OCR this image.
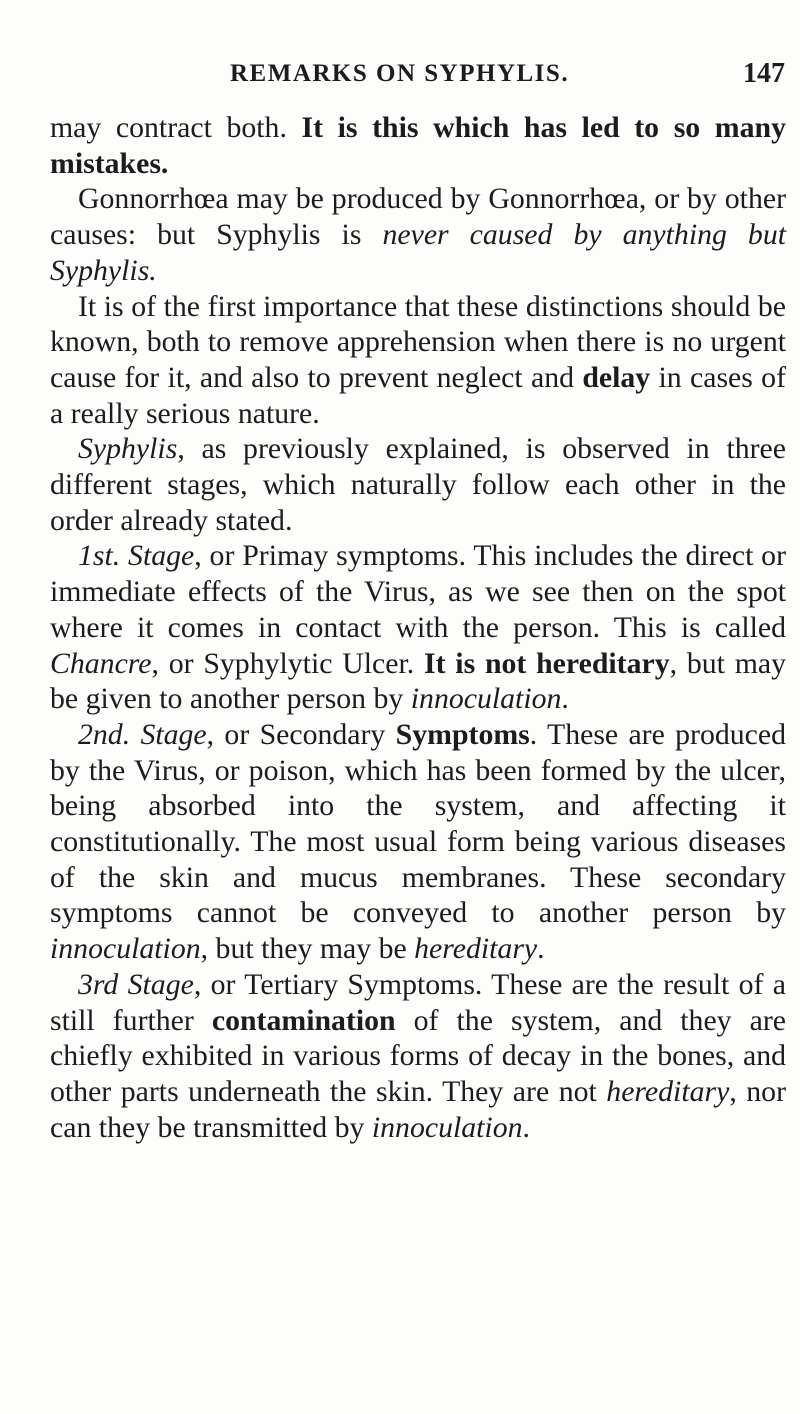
REMARKS ON SYPHYLIS.	147

may contract both. It is this which has led to so many mistakes.

Gonnorrhœa may be produced by Gonnorrhœa, or by other causes: but Syphylis is never caused by anything but Syphylis.

It is of the first importance that these distinctions should be known, both to remove apprehension when there is no urgent cause for it, and also to prevent neglect and delay in cases of a really serious nature.

Syphylis, as previously explained, is observed in three different stages, which naturally follow each other in the order already stated.

1st. Stage, or Primay symptoms. This includes the direct or immediate effects of the Virus, as we see then on the spot where it comes in contact with the person. This is called Chancre, or Syphylytic Ulcer. It is not hereditary, but may be given to another person by innoculation.

2nd. Stage, or Secondary Symptoms. These are produced by the Virus, or poison, which has been formed by the ulcer, being absorbed into the system, and affecting it constitutionally. The most usual form being various diseases of the skin and mucus membranes. These secondary symptoms cannot be conveyed to another person by innoculation, but they may be hereditary.

3rd Stage, or Tertiary Symptoms. These are the result of a still further contamination of the system, and they are chiefly exhibited in various forms of decay in the bones, and other parts underneath the skin. They are not hereditary, nor can they be transmitted by innoculation.
